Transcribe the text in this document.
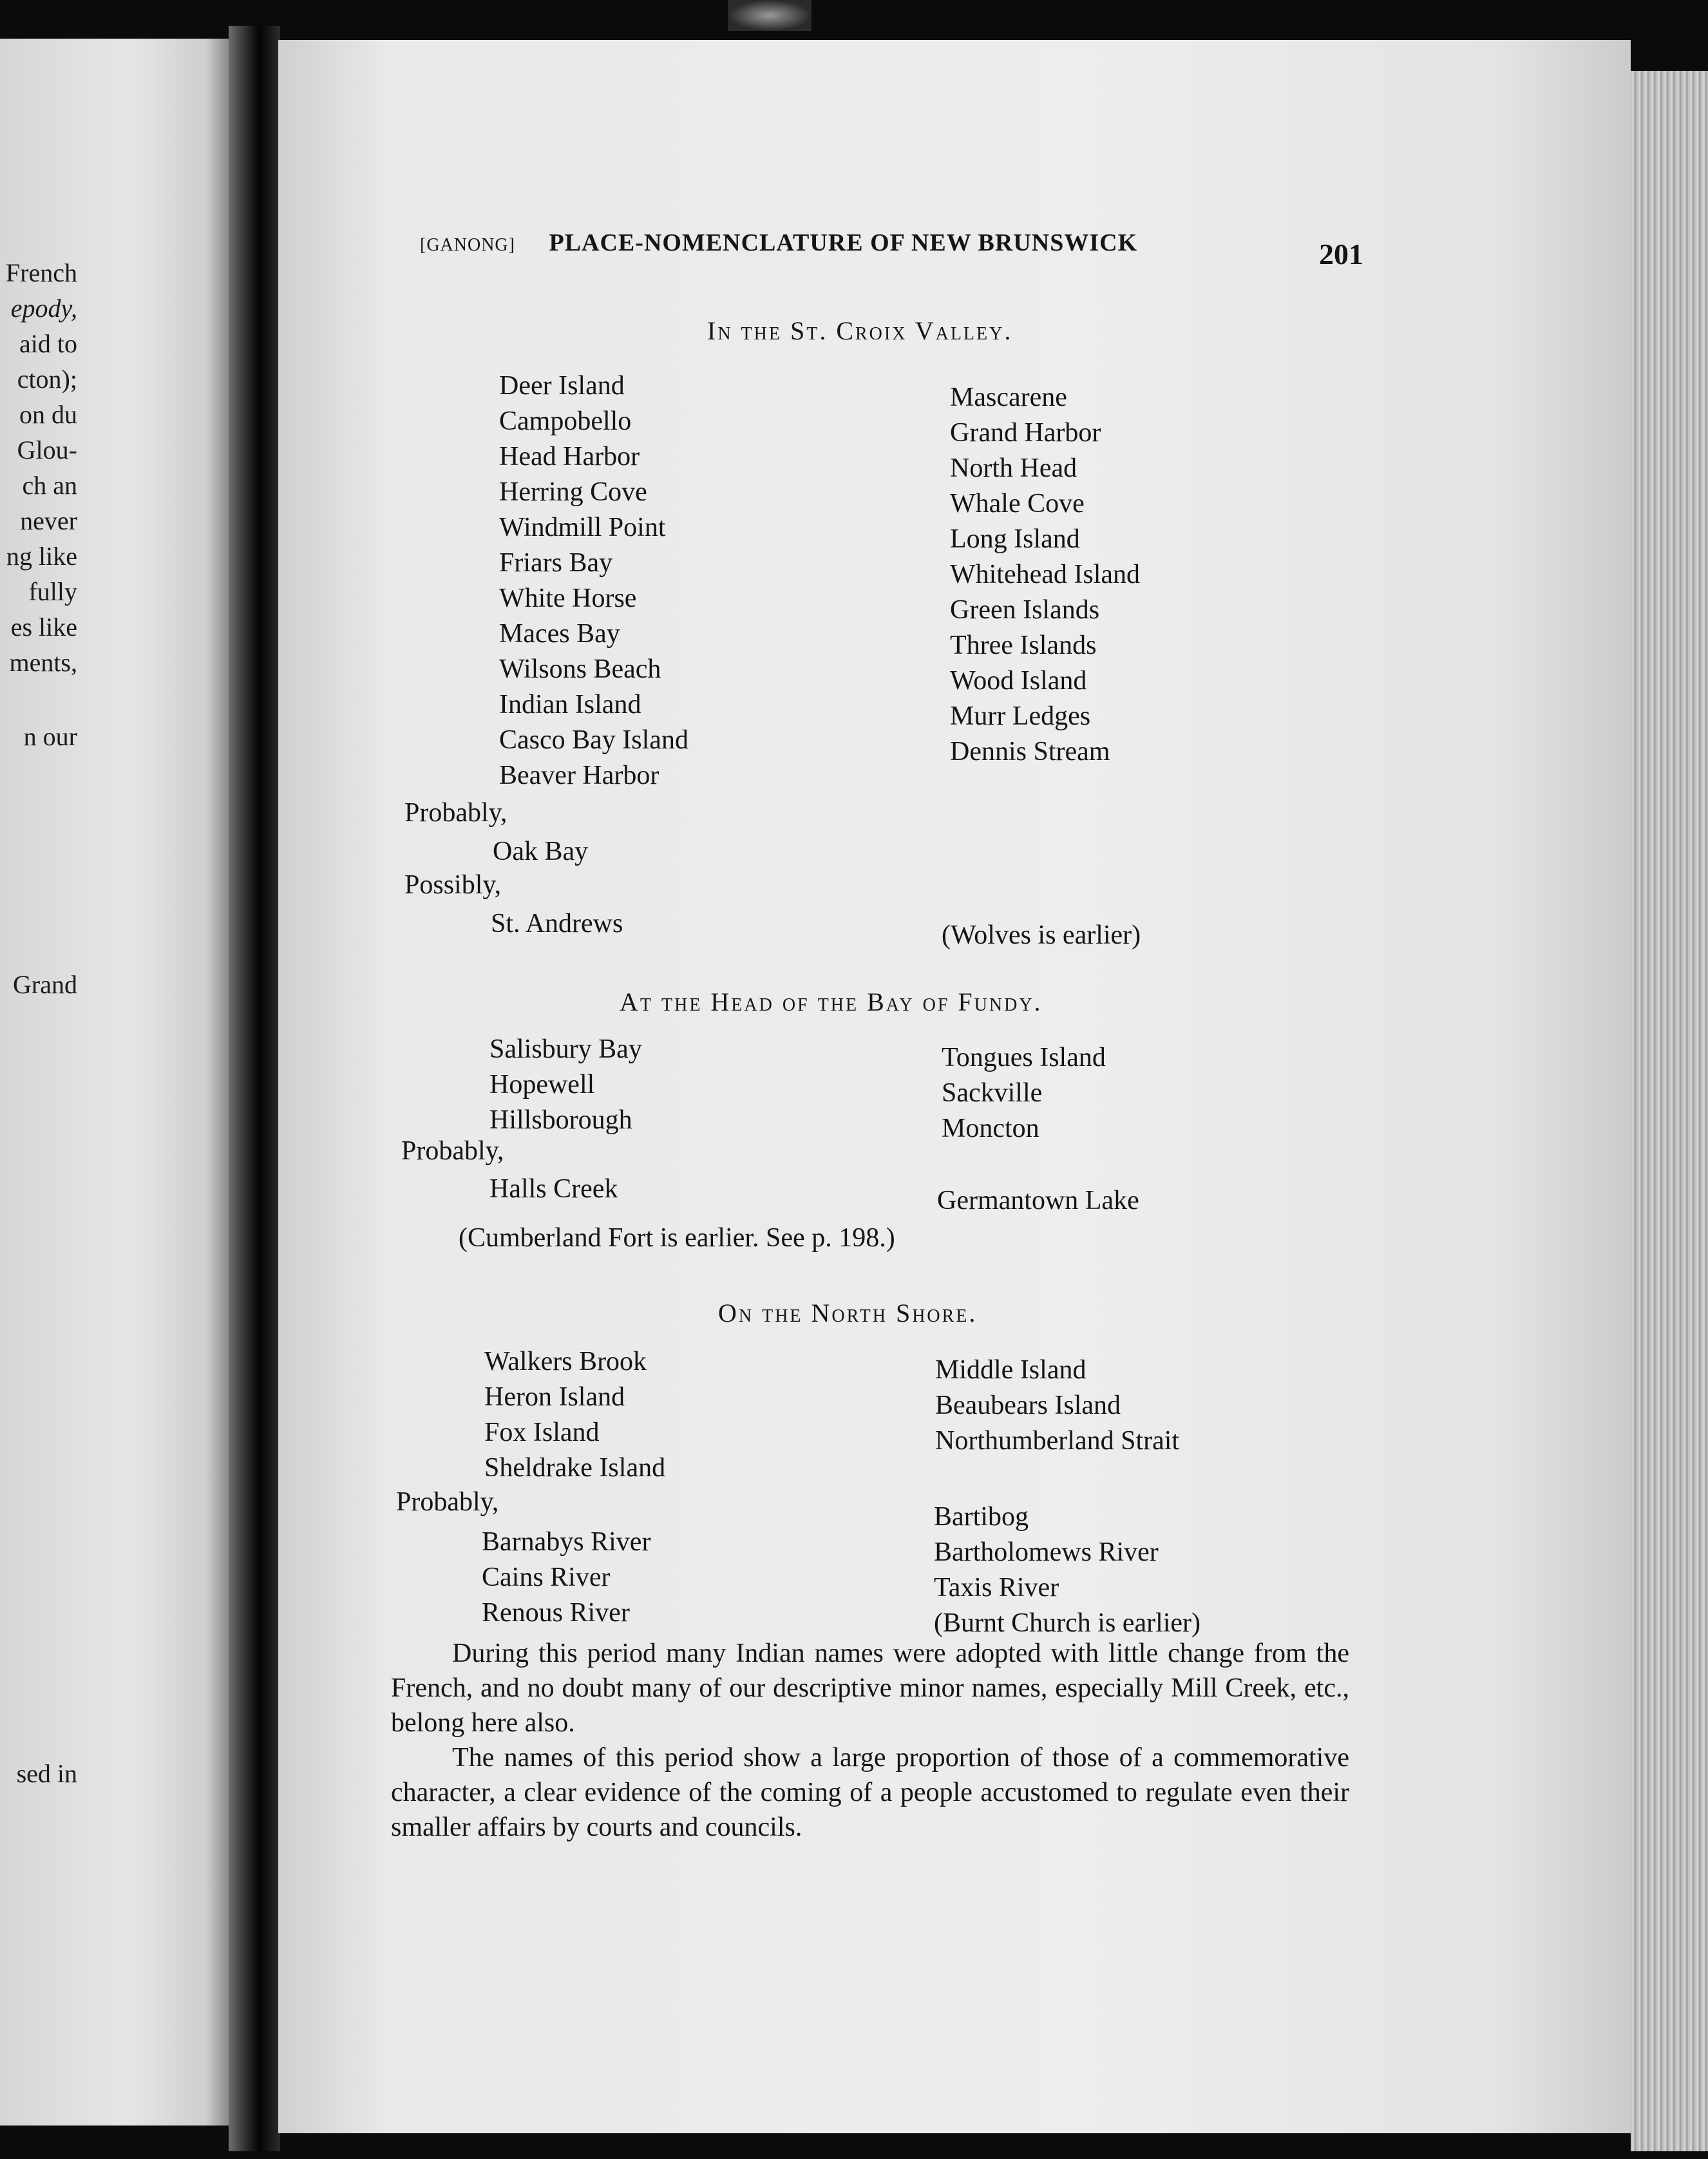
French
epody,
aid to
cton);
on du
Glou-
ch an
never
ng like
fully
es like
ments,
n our
Grand
sed in
[GANONG] PLACE-NOMENCLATURE OF NEW BRUNSWICK	201
In the St. Croix Valley.
Deer Island
Campobello
Head Harbor
Herring Cove
Windmill Point
Friars Bay
White Horse
Maces Bay
Wilsons Beach
Indian Island
Casco Bay Island
Beaver Harbor
Mascarene
Grand Harbor
North Head
Whale Cove
Long Island
Whitehead Island
Green Islands
Three Islands
Wood Island
Murr Ledges
Dennis Stream
Probably,
Oak Bay
Possibly,
St. Andrews	(Wolves is earlier)
At the Head of the Bay of Fundy.
Salisbury Bay
Hopewell
Hillsborough
Tongues Island
Sackville
Moncton
Probably,
Halls Creek	Germantown Lake
(Cumberland Fort is earlier. See p. 198.)
On the North Shore.
Walkers Brook
Heron Island
Fox Island
Sheldrake Island
Middle Island
Beaubears Island
Northumberland Strait
Probably,
Barnabys River
Cains River
Renous River
Bartibog
Bartholomews River
Taxis River
(Burnt Church is earlier)

During this period many Indian names were adopted with little change from the French, and no doubt many of our descriptive minor names, especially Mill Creek, etc., belong here also.

The names of this period show a large proportion of those of a commemorative character, a clear evidence of the coming of a people accustomed to regulate even their smaller affairs by courts and councils.
